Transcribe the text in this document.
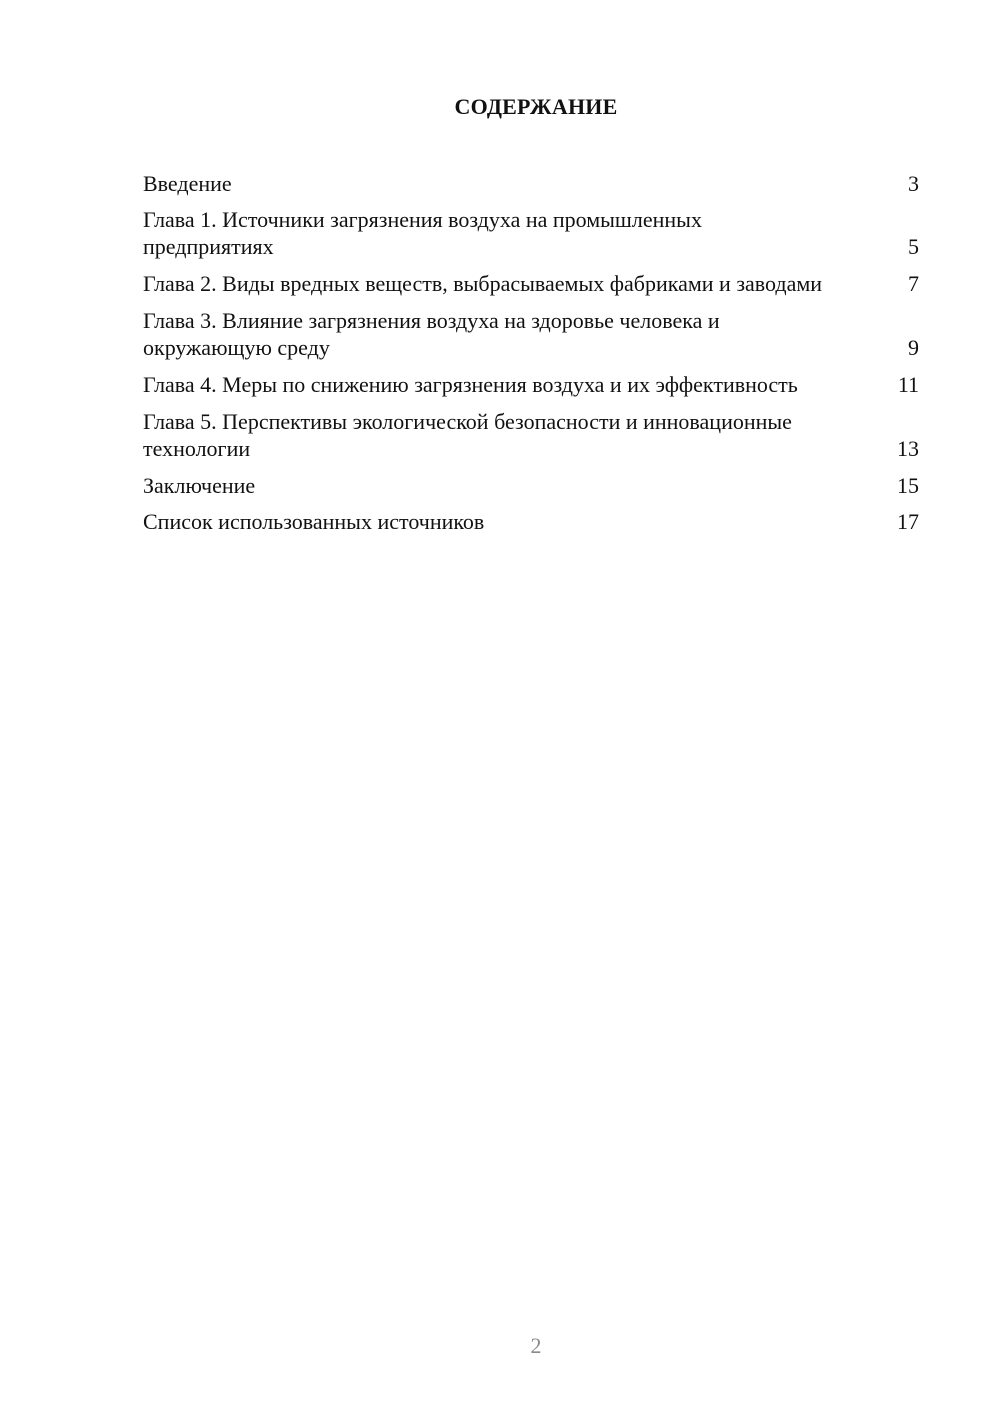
СОДЕРЖАНИЕ
Введение	3
Глава 1. Источники загрязнения воздуха на промышленных предприятиях	5
Глава 2. Виды вредных веществ, выбрасываемых фабриками и заводами	7
Глава 3. Влияние загрязнения воздуха на здоровье человека и окружающую среду	9
Глава 4. Меры по снижению загрязнения воздуха и их эффективность	11
Глава 5. Перспективы экологической безопасности и инновационные технологии	13
Заключение	15
Список использованных источников	17
2
